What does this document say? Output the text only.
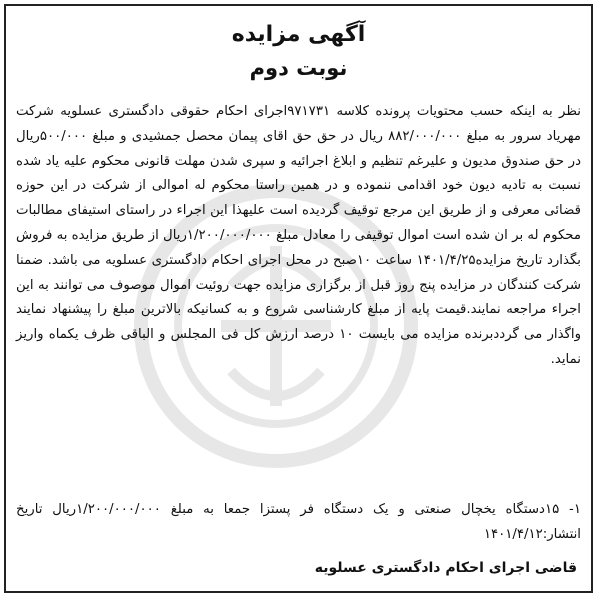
آگهی مزایده
نوبت دوم
نظر به اینکه حسب محتویات پرونده کلاسه ۹۷۱۷۳۱اجرای احکام حقوقی دادگستری عسلویه شرکت مهریاد سرور به مبلغ ۸۸۲/۰۰۰/۰۰۰ ریال در حق حق اقای پیمان محصل جمشیدی و مبلغ ۵۰۰/۰۰۰ریال در حق صندوق مدیون و علیرغم تنظیم و ابلاغ اجرائیه و سپری شدن مهلت قانونی محکوم علیه یاد شده نسبت به تادیه دیون خود اقدامی ننموده و در همین راستا محکوم له اموالی از شرکت در این حوزه قضائی معرفی و از طریق این مرجع توقیف گردیده است علیهذا این اجراء در راستای استیفای مطالبات محکوم له بر ان شده است اموال توقیفی را معادل مبلغ ۱/۲۰۰/۰۰۰/۰۰۰ریال از طریق مزایده به فروش بگذارد تاریخ مزایده۱۴۰۱/۴/۲۵ ساعت ۱۰صبح در محل اجرای احکام دادگستری عسلویه می باشد. ضمنا شرکت کنندگان در مزایده پنج روز قبل از برگزاری مزایده جهت روئیت اموال موصوف می توانند به این اجراء مراجعه نمایند.قیمت پایه از مبلغ کارشناسی شروع و به کسانیکه بالاترین مبلغ را پیشنهاد نمایند واگذار می گرددبرنده مزایده می بایست ۱۰ درصد ارزش کل فی المجلس و الباقی ظرف یکماه واریز نماید.
۱- ۱۵دستگاه یخچال صنعتی و یک دستگاه فر پستزا جمعا به مبلغ ۱/۲۰۰/۰۰۰/۰۰۰ریال تاریخ انتشار:۱۴۰۱/۴/۱۲
قاضی اجرای احکام دادگستری عسلویه
